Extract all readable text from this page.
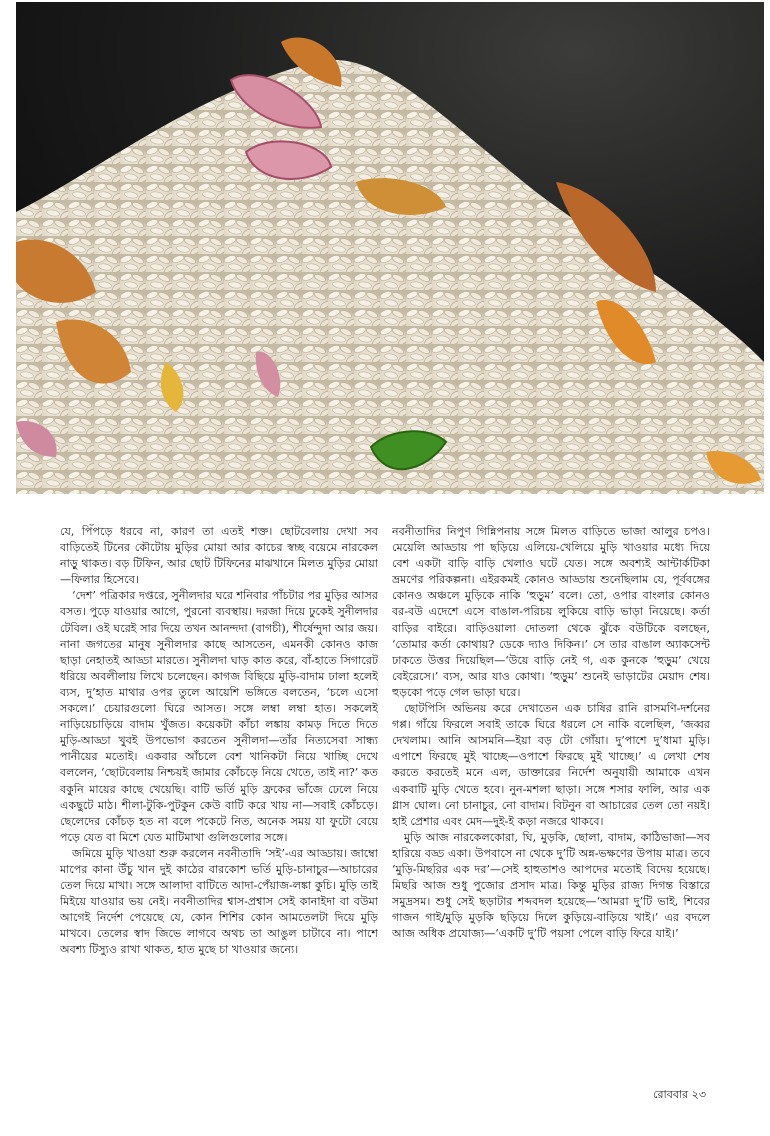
যে, পিঁপড়ে ধরবে না, কারণ তা এতই শক্ত। ছোটবেলায় দেখা সব বাড়িতেই টিনের কৌটোয় মুড়ির মোয়া আর কাচের স্বচ্ছ বয়েমে নারকেল নাড়ু থাকত। বড় টিফিন, আর ছোট টিফিনের মাঝখানে মিলত মুড়ির মোয়া—ফিলার হিসেবে।

‘দেশ’ পত্রিকার দপ্তরে, সুনীলদার ঘরে শনিবার পাঁচটার পর মুড়ির আসর বসত। পুড়ে যাওয়ার আগে, পুরনো ব্যবস্থায়। দরজা দিয়ে ঢুকেই সুনীলদার টেবিল। ওই ঘরেই সার দিয়ে তখন আনন্দদা (বাগচী), শীর্ষেন্দুদা আর জয়। নানা জগতের মানুষ সুনীলদার কাছে আসতেন, এমনকী কোনও কাজ ছাড়া নেহাতই আড্ডা মারতে। সুনীলদা ঘাড় কাত করে, বাঁ-হাতে সিগারেট ধরিয়ে অবলীলায় লিখে চলেছেন। কাগজ বিছিয়ে মুড়ি-বাদাম ঢালা হলেই ব্যস, দু’হাত মাথার ওপর তুলে আয়েশি ভঙ্গিতে বলতেন, ‘চলে এসো সকলে।’ চেয়ারগুলো ঘিরে আসত। সঙ্গে লম্বা লম্বা হাত। সকলেই নাড়িয়েচাড়িয়ে বাদাম খুঁজত। কয়েকটা কাঁচা লঙ্কায় কামড় দিতে দিতে মুড়ি-আড্ডা খুবই উপভোগ করতেন সুনীলদা—তাঁর নিত্যসেবা সান্ধ্য পানীয়ের মতোই। একবার আঁচলে বেশ খানিকটা নিয়ে খাচ্ছি দেখে বললেন, ‘ছোটবেলায় নিশ্চয়ই জামার কোঁচড়ে নিয়ে খেতে, তাই না?’ কত বকুনি মায়ের কাছে খেয়েছি। বাটি ভর্তি মুড়ি ফ্রকের ভাঁজে ঢেলে নিয়ে একছুটে মাঠ। শীলা-টুকি-পুটকুন কেউ বাটি করে খায় না—সবাই কোঁচড়ে। ছেলেদের কোঁচড় হত না বলে পকেটে নিত, অনেক সময় যা ফুটো বেয়ে পড়ে যেত বা মিশে যেত মাটিমাখা গুলিগুলোর সঙ্গে।

জমিয়ে মুড়ি খাওয়া শুরু করলেন নবনীতাদি ‘সই’-এর আড্ডায়। জাম্বো মাপের কানা উঁচু খান দুই কাঠের বারকোশ ভর্তি মুড়ি-চানাচুর—আচারের তেল দিয়ে মাখা। সঙ্গে আলাদা বাটিতে আদা-পেঁয়াজ-লঙ্কা কুচি। মুড়ি তাই মিইয়ে যাওয়ার ভয় নেই। নবনীতাদির শ্বাস-প্রশ্বাস সেই কানাইদা বা বউমা আগেই নির্দেশ পেয়েছে যে, কোন শিশির কোন আমতেলটা দিয়ে মুড়ি মাখবে। তেলের স্বাদ জিভে লাগবে অথচ তা আঙুল চাটাবে না। পাশে অবশ্য টিস্যুও রাখা থাকত, হাত মুছে চা খাওয়ার জন্যে।

নবনীতাদির নিপুণ গিন্নিপনায় সঙ্গে মিলত বাড়িতে ভাজা আলুর চপও। মেয়েলি আড্ডায় পা ছড়িয়ে এলিয়ে-খেলিয়ে মুড়ি খাওয়ার মধ্যে দিয়ে বেশ একটা বাড়ি বাড়ি খেলাও ঘটে যেত। সঙ্গে অবশ্যই আন্টার্কটিকা ভ্রমণের পরিকল্পনা। এইরকমই কোনও আড্ডায় শুনেছিলাম যে, পূর্ববঙ্গের কোনও অঞ্চলে মুড়িকে নাকি ‘হুড়ুম’ বলে। তো, ওপার বাংলার কোনও বর-বউ এদেশে এসে বাঙাল-পরিচয় লুকিয়ে বাড়ি ভাড়া নিয়েছে। কর্তা বাড়ির বাইরে। বাড়িওয়ালা দোতলা থেকে ঝুঁকে বউটিকে বলছেন, ‘তোমার কর্তা কোথায়? ডেকে দ্যাও দিকিন।’ সে তার বাঙাল অ্যাকসেন্ট ঢাকতে উত্তর দিয়েছিল—‘উয়ে বাড়ি নেই গ, এক কুনকে ‘হুড়ুম’ খেয়ে বেইরেসে।’ ব্যস, আর যাও কোথা। ‘হুড়ুম’ শুনেই ভাড়াটের মেয়াদ শেষ। হুড়কো পড়ে গেল ভাড়া ঘরে।

ছোটপিসি অভিনয় করে দেখাতেন এক চাষির রানি রাসমণি-দর্শনের গপ্প। গাঁয়ে ফিরলে সবাই তাকে ঘিরে ধরলে সে নাকি বলেছিল, ‘জব্বর দেখলাম। আনি আসমনি—ইয়া বড় টো গোঁয়া। দু’পাশে দু’ধামা মুড়ি। এপাশে ফিরছে মুই খাচ্ছে—ওপাশে ফিরছে মুই খাচ্ছে।’ এ লেখা শেষ করতে করতেই মনে এল, ডাক্তারের নির্দেশ অনুযায়ী আমাকে এখন একবাটি মুড়ি খেতে হবে। নুন-মশলা ছাড়া। সঙ্গে শসার ফালি, আর এক গ্লাস ঘোল। নো চানাচুর, নো বাদাম। বিটনুন বা আচারের তেল তো নয়ই। হাই প্রেশার এবং মেদ—দুই-ই কড়া নজরে থাকবে।

মুড়ি আজ নারকেলকোরা, ঘি, মুড়কি, ছোলা, বাদাম, কাঠিভাজা—সব হারিয়ে বড্ড একা। উপবাসে না থেকে দু’টি অন্ন-ভক্ষণের উপায় মাত্র। তবে ‘মুড়ি-মিছরির এক দর’—সেই হাহুতাশও আপদের মতোই বিদেয় হয়েছে। মিছরি আজ শুধু পুজোর প্রসাদ মাত্র। কিন্তু মুড়ির রাজ্য দিগন্ত বিস্তারে সমুদ্রসম। শুধু সেই ছড়াটার শব্দবদল হয়েছে—‘আমরা দু’টি ভাই, শিবের গাজন গাই/মুড়ি মুড়কি ছড়িয়ে দিলে কুড়িয়ে-বাড়িয়ে খাই।’ এর বদলে আজ অধিক প্রযোজ্য—‘একটি দু’টি পয়সা পেলে বাড়ি ফিরে যাই।’

রোববার ২৩
